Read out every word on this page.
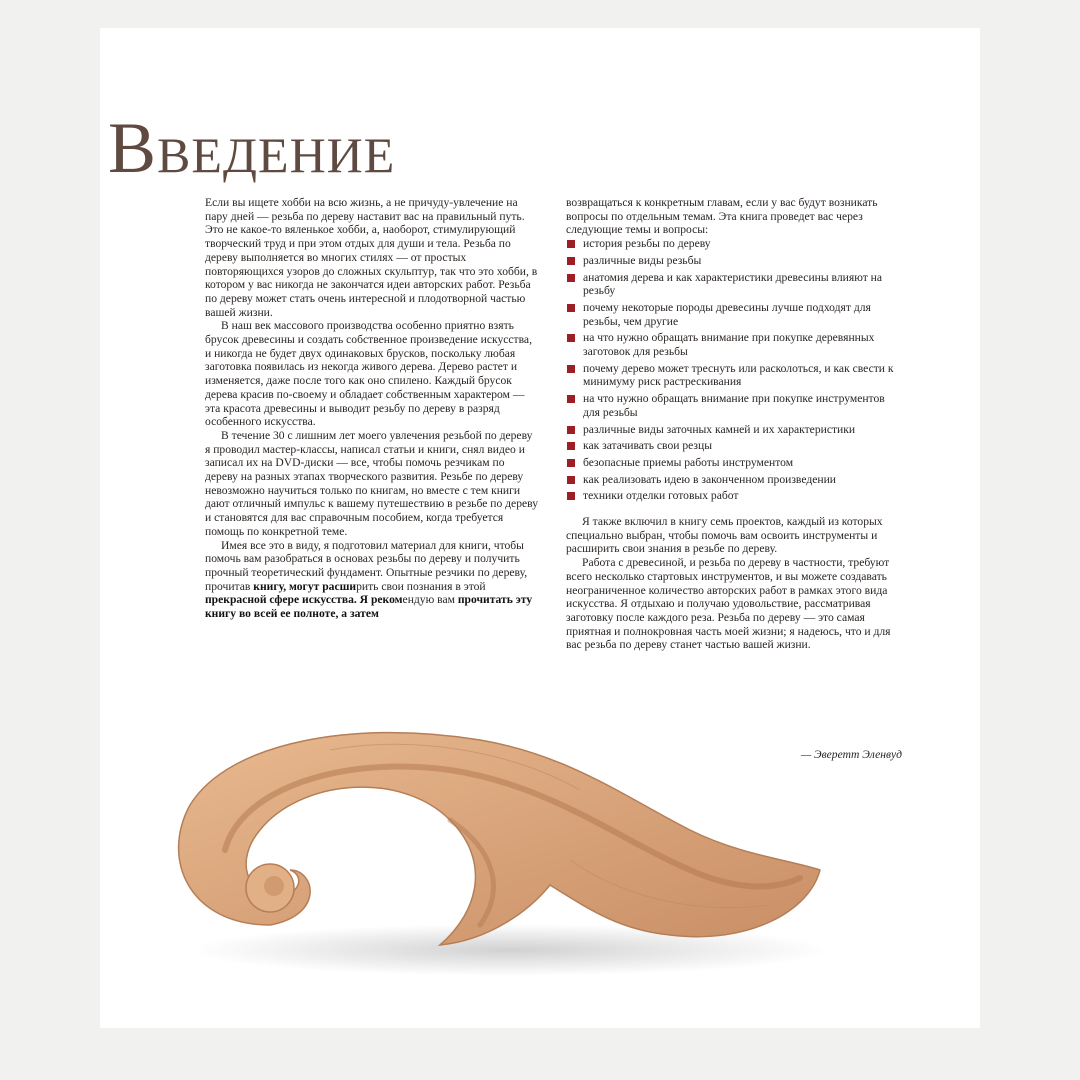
Введение

Если вы ищете хобби на всю жизнь, а не причуду-увлечение на пару дней — резьба по дереву наставит вас на правильный путь. Это не какое-то вяленькое хобби, а, наоборот, стимулирующий творческий труд и при этом отдых для души и тела. Резьба по дереву выполняется во многих стилях — от простых повторяющихся узоров до сложных скульптур, так что это хобби, в котором у вас никогда не закончатся идеи авторских работ. Резьба по дереву может стать очень интересной и плодотворной частью вашей жизни.

В наш век массового производства особенно приятно взять брусок древесины и создать собственное произведение искусства, и никогда не будет двух одинаковых брусков, поскольку любая заготовка появилась из некогда живого дерева. Дерево растет и изменяется, даже после того как оно спилено. Каждый брусок дерева красив по-своему и обладает собственным характером — эта красота древесины и выводит резьбу по дереву в разряд особенного искусства.

В течение 30 с лишним лет моего увлечения резьбой по дереву я проводил мастер-классы, написал статьи и книги, снял видео и записал их на DVD-диски — все, чтобы помочь резчикам по дереву на разных этапах творческого развития. Резьбе по дереву невозможно научиться только по книгам, но вместе с тем книги дают отличный импульс к вашему путешествию в резьбе по дереву и становятся для вас справочным пособием, когда требуется помощь по конкретной теме.

Имея все это в виду, я подготовил материал для книги, чтобы помочь вам разобраться в основах резьбы по дереву и получить прочный теоретический фундамент. Опытные резчики по дереву, прочитав книгу, могут расширить свои познания в этой прекрасной сфере искусства. Я рекомендую вам прочитать эту книгу во всей ее полноте, а затем

возвращаться к конкретным главам, если у вас будут возникать вопросы по отдельным темам. Эта книга проведет вас через следующие темы и вопросы:

история резьбы по дереву
различные виды резьбы
анатомия дерева и как характеристики древесины влияют на резьбу
почему некоторые породы древесины лучше подходят для резьбы, чем другие
на что нужно обращать внимание при покупке деревянных заготовок для резьбы
почему дерево может треснуть или расколоться, и как свести к минимуму риск растрескивания
на что нужно обращать внимание при покупке инструментов для резьбы
различные виды заточных камней и их характеристики
как затачивать свои резцы
безопасные приемы работы инструментом
как реализовать идею в законченном произведении
техники отделки готовых работ

Я также включил в книгу семь проектов, каждый из которых специально выбран, чтобы помочь вам освоить инструменты и расширить свои знания в резьбе по дереву.

Работа с древесиной, и резьба по дереву в частности, требуют всего несколько стартовых инструментов, и вы можете создавать неограниченное количество авторских работ в рамках этого вида искусства. Я отдыхаю и получаю удовольствие, рассматривая заготовку после каждого реза. Резьба по дереву — это самая приятная и полнокровная часть моей жизни; я надеюсь, что и для вас резьба по дереву станет частью вашей жизни.

— Эверетт Эленвуд
